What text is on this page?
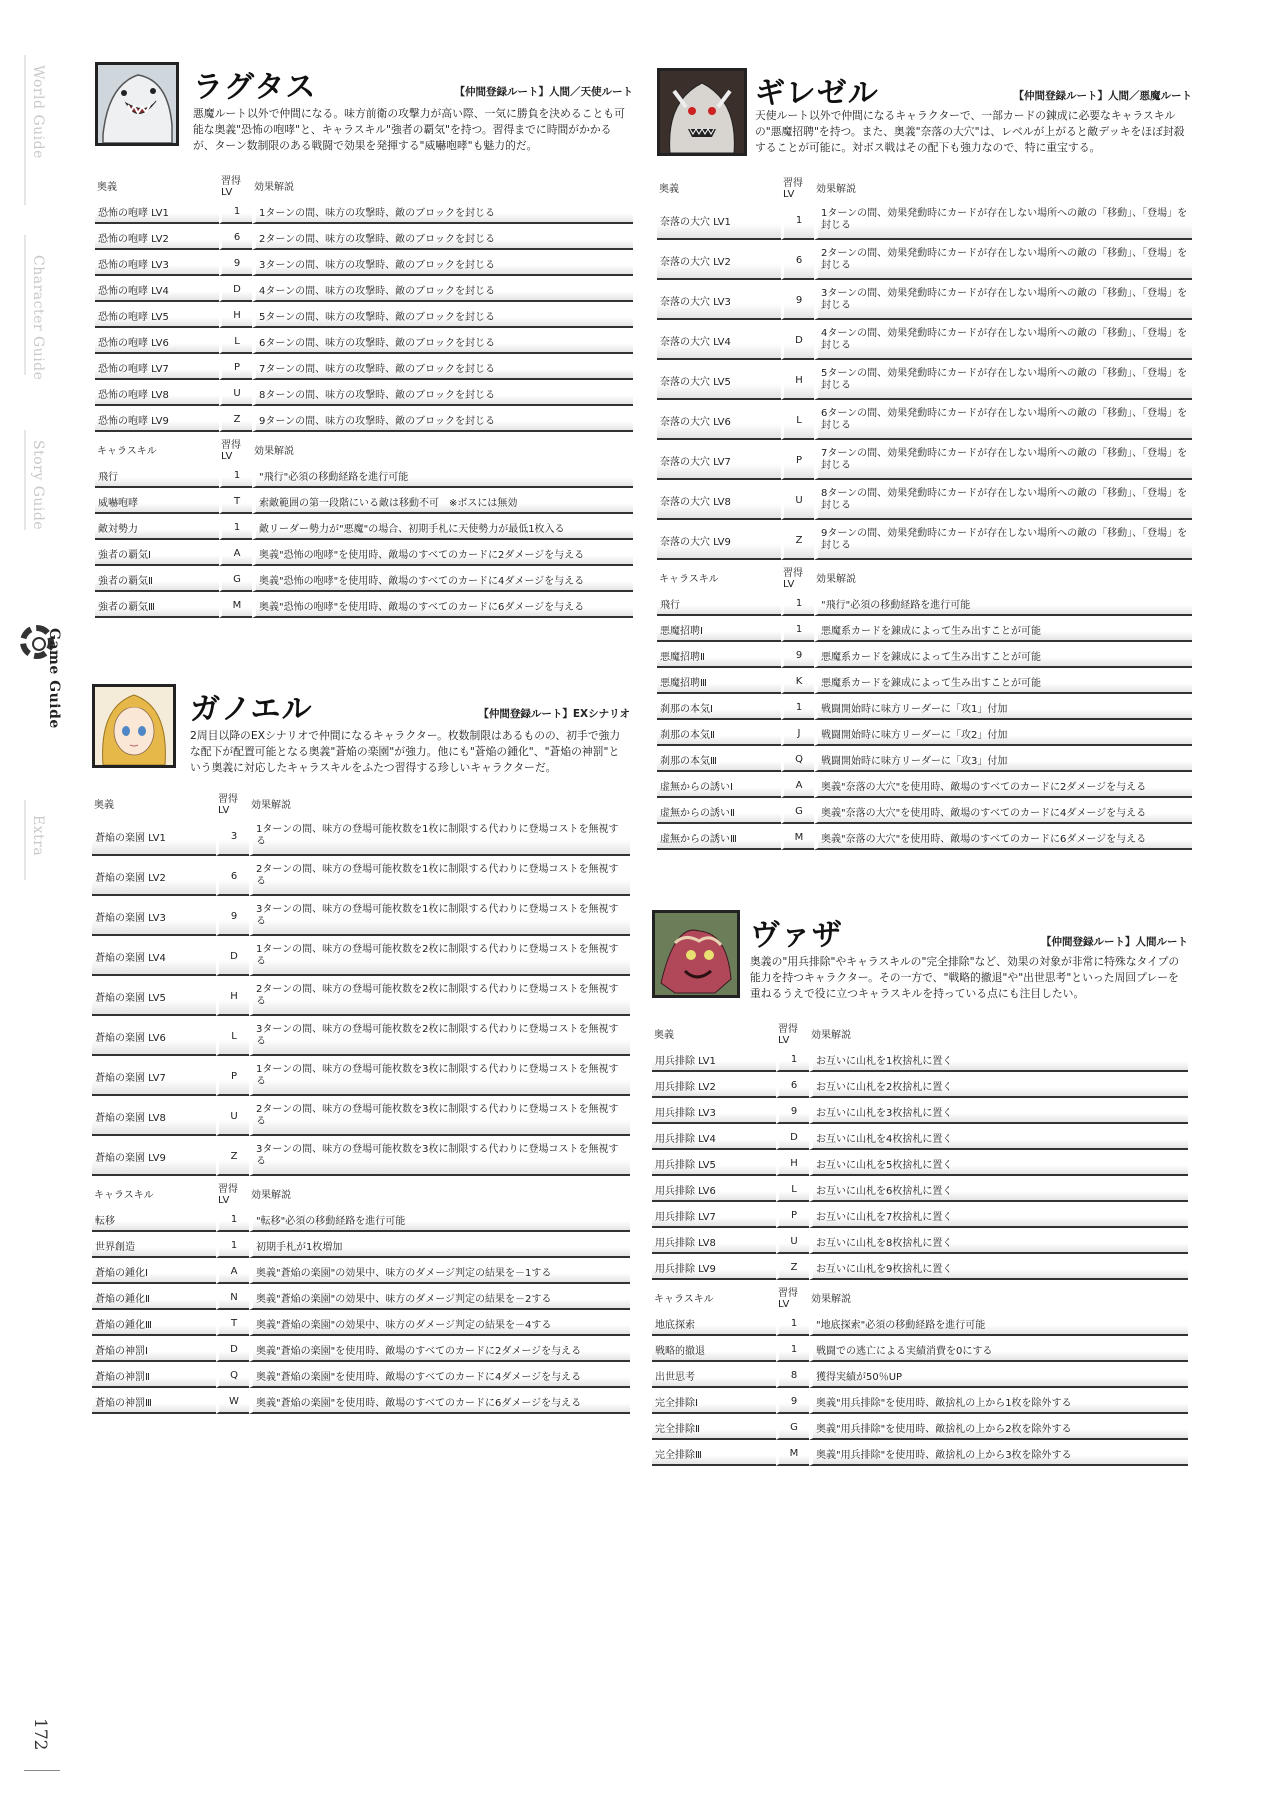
World Guide
Character Guide
Story Guide
Game Guide
Extra
172
ラグタス	【仲間登録ルート】人間／天使ルート
悪魔ルート以外で仲間になる。味方前衛の攻撃力が高い際、一気に勝負を決めることも可能な奥義"恐怖の咆哮"と、キャラスキル"強者の覇気"を持つ。習得までに時間がかかるが、ターン数制限のある戦闘で効果を発揮する"威嚇咆哮"も魅力的だ。
奥義	習得LV	効果解説
恐怖の咆哮 LV1	1	1ターンの間、味方の攻撃時、敵のブロックを封じる
恐怖の咆哮 LV2	6	2ターンの間、味方の攻撃時、敵のブロックを封じる
恐怖の咆哮 LV3	9	3ターンの間、味方の攻撃時、敵のブロックを封じる
恐怖の咆哮 LV4	D	4ターンの間、味方の攻撃時、敵のブロックを封じる
恐怖の咆哮 LV5	H	5ターンの間、味方の攻撃時、敵のブロックを封じる
恐怖の咆哮 LV6	L	6ターンの間、味方の攻撃時、敵のブロックを封じる
恐怖の咆哮 LV7	P	7ターンの間、味方の攻撃時、敵のブロックを封じる
恐怖の咆哮 LV8	U	8ターンの間、味方の攻撃時、敵のブロックを封じる
恐怖の咆哮 LV9	Z	9ターンの間、味方の攻撃時、敵のブロックを封じる
キャラスキル	習得LV	効果解説
飛行	1	"飛行"必須の移動経路を進行可能
威嚇咆哮	T	索敵範囲の第一段階にいる敵は移動不可　※ボスには無効
敵対勢力	1	敵リーダー勢力が"悪魔"の場合、初期手札に天使勢力が最低1枚入る
強者の覇気Ⅰ	A	奥義"恐怖の咆哮"を使用時、敵場のすべてのカードに2ダメージを与える
強者の覇気Ⅱ	G	奥義"恐怖の咆哮"を使用時、敵場のすべてのカードに4ダメージを与える
強者の覇気Ⅲ	M	奥義"恐怖の咆哮"を使用時、敵場のすべてのカードに6ダメージを与える
ガノエル	【仲間登録ルート】EXシナリオ
2周目以降のEXシナリオで仲間になるキャラクター。枚数制限はあるものの、初手で強力な配下が配置可能となる奥義"蒼焔の楽園"が強力。他にも"蒼焔の鍾化"、"蒼焔の神罰"という奥義に対応したキャラスキルをふたつ習得する珍しいキャラクターだ。
奥義	習得LV	効果解説
蒼焔の楽園 LV1	3	1ターンの間、味方の登場可能枚数を1枚に制限する代わりに登場コストを無視する
蒼焔の楽園 LV2	6	2ターンの間、味方の登場可能枚数を1枚に制限する代わりに登場コストを無視する
蒼焔の楽園 LV3	9	3ターンの間、味方の登場可能枚数を1枚に制限する代わりに登場コストを無視する
蒼焔の楽園 LV4	D	1ターンの間、味方の登場可能枚数を2枚に制限する代わりに登場コストを無視する
蒼焔の楽園 LV5	H	2ターンの間、味方の登場可能枚数を2枚に制限する代わりに登場コストを無視する
蒼焔の楽園 LV6	L	3ターンの間、味方の登場可能枚数を2枚に制限する代わりに登場コストを無視する
蒼焔の楽園 LV7	P	1ターンの間、味方の登場可能枚数を3枚に制限する代わりに登場コストを無視する
蒼焔の楽園 LV8	U	2ターンの間、味方の登場可能枚数を3枚に制限する代わりに登場コストを無視する
蒼焔の楽園 LV9	Z	3ターンの間、味方の登場可能枚数を3枚に制限する代わりに登場コストを無視する
キャラスキル	習得LV	効果解説
転移	1	"転移"必須の移動経路を進行可能
世界創造	1	初期手札が1枚増加
蒼焔の鍾化Ⅰ	A	奥義"蒼焔の楽園"の効果中、味方のダメージ判定の結果を－1する
蒼焔の鍾化Ⅱ	N	奥義"蒼焔の楽園"の効果中、味方のダメージ判定の結果を－2する
蒼焔の鍾化Ⅲ	T	奥義"蒼焔の楽園"の効果中、味方のダメージ判定の結果を－4する
蒼焔の神罰Ⅰ	D	奥義"蒼焔の楽園"を使用時、敵場のすべてのカードに2ダメージを与える
蒼焔の神罰Ⅱ	Q	奥義"蒼焔の楽園"を使用時、敵場のすべてのカードに4ダメージを与える
蒼焔の神罰Ⅲ	W	奥義"蒼焔の楽園"を使用時、敵場のすべてのカードに6ダメージを与える
ギレゼル	【仲間登録ルート】人間／悪魔ルート
天使ルート以外で仲間になるキャラクターで、一部カードの錬成に必要なキャラスキルの"悪魔招聘"を持つ。また、奥義"奈落の大穴"は、レベルが上がると敵デッキをほぼ封殺することが可能に。対ボス戦はその配下も強力なので、特に重宝する。
奥義	習得LV	効果解説
奈落の大穴 LV1	1	1ターンの間、効果発動時にカードが存在しない場所への敵の「移動」、「登場」を封じる
奈落の大穴 LV2	6	2ターンの間、効果発動時にカードが存在しない場所への敵の「移動」、「登場」を封じる
奈落の大穴 LV3	9	3ターンの間、効果発動時にカードが存在しない場所への敵の「移動」、「登場」を封じる
奈落の大穴 LV4	D	4ターンの間、効果発動時にカードが存在しない場所への敵の「移動」、「登場」を封じる
奈落の大穴 LV5	H	5ターンの間、効果発動時にカードが存在しない場所への敵の「移動」、「登場」を封じる
奈落の大穴 LV6	L	6ターンの間、効果発動時にカードが存在しない場所への敵の「移動」、「登場」を封じる
奈落の大穴 LV7	P	7ターンの間、効果発動時にカードが存在しない場所への敵の「移動」、「登場」を封じる
奈落の大穴 LV8	U	8ターンの間、効果発動時にカードが存在しない場所への敵の「移動」、「登場」を封じる
奈落の大穴 LV9	Z	9ターンの間、効果発動時にカードが存在しない場所への敵の「移動」、「登場」を封じる
キャラスキル	習得LV	効果解説
飛行	1	"飛行"必須の移動経路を進行可能
悪魔招聘Ⅰ	1	悪魔系カードを錬成によって生み出すことが可能
悪魔招聘Ⅱ	9	悪魔系カードを錬成によって生み出すことが可能
悪魔招聘Ⅲ	K	悪魔系カードを錬成によって生み出すことが可能
刹那の本気Ⅰ	1	戦闘開始時に味方リーダーに「攻1」付加
刹那の本気Ⅱ	J	戦闘開始時に味方リーダーに「攻2」付加
刹那の本気Ⅲ	Q	戦闘開始時に味方リーダーに「攻3」付加
虚無からの誘いⅠ	A	奥義"奈落の大穴"を使用時、敵場のすべてのカードに2ダメージを与える
虚無からの誘いⅡ	G	奥義"奈落の大穴"を使用時、敵場のすべてのカードに4ダメージを与える
虚無からの誘いⅢ	M	奥義"奈落の大穴"を使用時、敵場のすべてのカードに6ダメージを与える
ヴァザ	【仲間登録ルート】人間ルート
奥義の"用兵排除"やキャラスキルの"完全排除"など、効果の対象が非常に特殊なタイプの能力を持つキャラクター。その一方で、"戦略的撤退"や"出世思考"といった周回プレーを重ねるうえで役に立つキャラスキルを持っている点にも注目したい。
奥義	習得LV	効果解説
用兵排除 LV1	1	お互いに山札を1枚捨札に置く
用兵排除 LV2	6	お互いに山札を2枚捨札に置く
用兵排除 LV3	9	お互いに山札を3枚捨札に置く
用兵排除 LV4	D	お互いに山札を4枚捨札に置く
用兵排除 LV5	H	お互いに山札を5枚捨札に置く
用兵排除 LV6	L	お互いに山札を6枚捨札に置く
用兵排除 LV7	P	お互いに山札を7枚捨札に置く
用兵排除 LV8	U	お互いに山札を8枚捨札に置く
用兵排除 LV9	Z	お互いに山札を9枚捨札に置く
キャラスキル	習得LV	効果解説
地底探索	1	"地底探索"必須の移動経路を進行可能
戦略的撤退	1	戦闘での逃亡による実績消費を0にする
出世思考	8	獲得実績が50％UP
完全排除Ⅰ	9	奥義"用兵排除"を使用時、敵捨札の上から1枚を除外する
完全排除Ⅱ	G	奥義"用兵排除"を使用時、敵捨札の上から2枚を除外する
完全排除Ⅲ	M	奥義"用兵排除"を使用時、敵捨札の上から3枚を除外する
